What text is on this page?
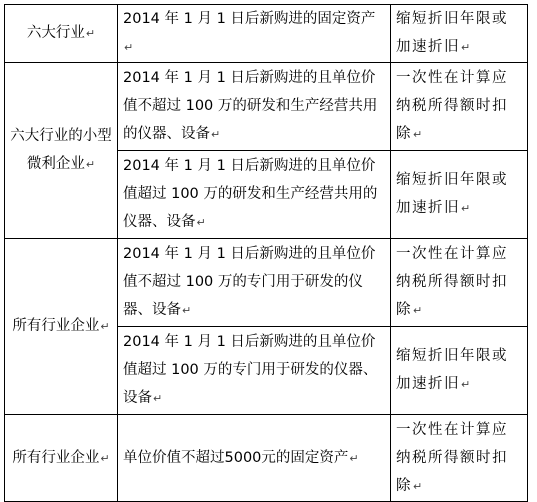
六大行业↵	2014 年 1 月 1 日后新购进的固定资产↵	缩短折旧年限或加速折旧↵
六大行业的小型微利企业↵	2014 年 1 月 1 日后新购进的且单位价值不超过 100 万的研发和生产经营共用的仪器、设备↵	一次性在计算应纳税所得额时扣除↵
	2014 年 1 月 1 日后新购进的且单位价值超过 100 万的研发和生产经营共用的仪器、设备↵	缩短折旧年限或加速折旧↵
所有行业企业↵	2014 年 1 月 1 日后新购进的且单位价值不超过 100 万的专门用于研发的仪器、设备↵	一次性在计算应纳税所得额时扣除↵
	2014 年 1 月 1 日后新购进的且单位价值超过 100 万的专门用于研发的仪器、设备↵	缩短折旧年限或加速折旧↵
所有行业企业↵	单位价值不超过5000元的固定资产↵	一次性在计算应纳税所得额时扣除↵
